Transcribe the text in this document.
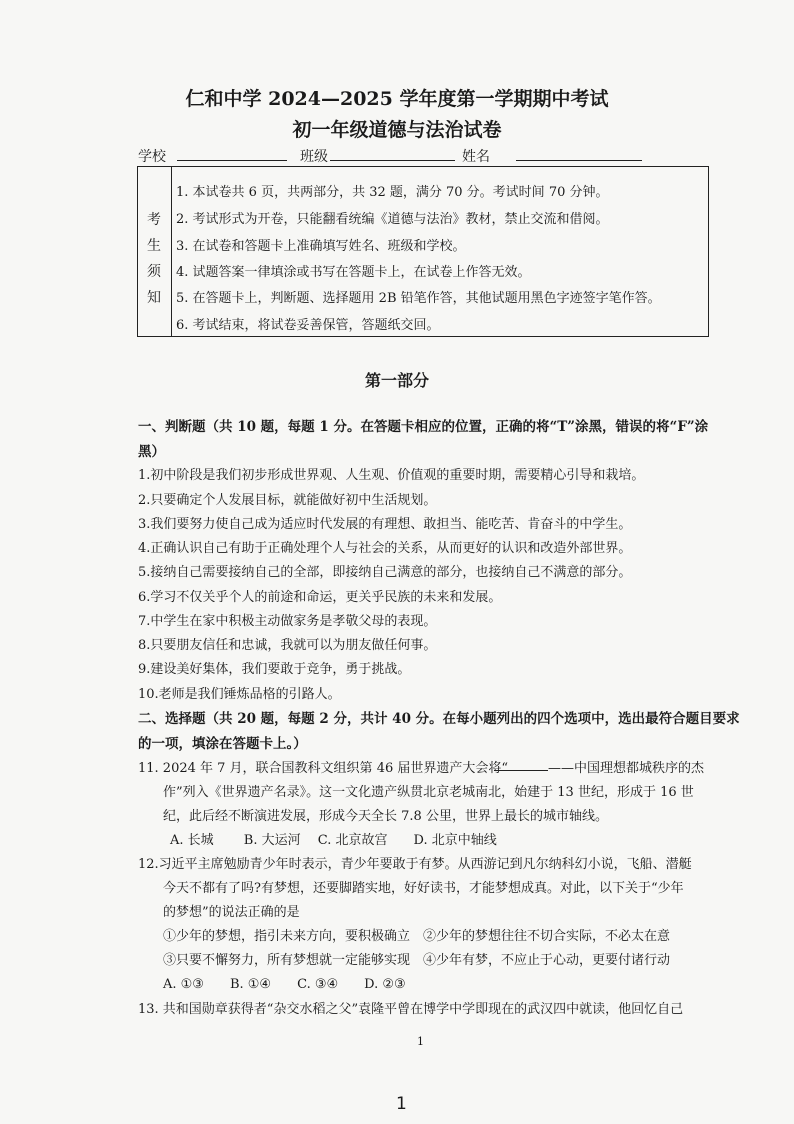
仁和中学 2024—2025 学年度第一学期期中考试
初一年级道德与法治试卷
学校	班级	姓名
考
生
须
知
1. 本试卷共 6 页，共两部分，共 32 题，满分 70 分。考试时间 70 分钟。
2. 考试形式为开卷，只能翻看统编《道德与法治》教材，禁止交流和借阅。
3. 在试卷和答题卡上准确填写姓名、班级和学校。
4. 试题答案一律填涂或书写在答题卡上，在试卷上作答无效。
5. 在答题卡上，判断题、选择题用 2B 铅笔作答，其他试题用黑色字迹签字笔作答。
6. 考试结束，将试卷妥善保管，答题纸交回。
第一部分
一、判断题（共 10 题，每题 1 分。在答题卡相应的位置，正确的将“T”涂黑，错误的将“F”涂
黑）
1.初中阶段是我们初步形成世界观、人生观、价值观的重要时期，需要精心引导和栽培。
2.只要确定个人发展目标，就能做好初中生活规划。
3.我们要努力使自己成为适应时代发展的有理想、敢担当、能吃苦、肯奋斗的中学生。
4.正确认识自己有助于正确处理个人与社会的关系，从而更好的认识和改造外部世界。
5.接纳自己需要接纳自己的全部，即接纳自己满意的部分，也接纳自己不满意的部分。
6.学习不仅关乎个人的前途和命运，更关乎民族的未来和发展。
7.中学生在家中积极主动做家务是孝敬父母的表现。
8.只要朋友信任和忠诚，我就可以为朋友做任何事。
9.建设美好集体，我们要敢于竞争，勇于挑战。
10.老师是我们锤炼品格的引路人。
二、选择题（共 20 题，每题 2 分，共计 40 分。在每小题列出的四个选项中，选出最符合题目要求
的一项，填涂在答题卡上。）
11. 2024 年 7 月，联合国教科文组织第 46 届世界遗产大会将“	——中国理想都城秩序的杰
作”列入《世界遗产名录》。这一文化遗产纵贯北京老城南北，始建于 13 世纪，形成于 16 世
纪，此后经不断演进发展，形成今天全长 7.8 公里，世界上最长的城市轴线。
A. 长城　　 B. 大运河　 C. 北京故宫　　D. 北京中轴线
12.习近平主席勉励青少年时表示，青少年要敢于有梦。从西游记到凡尔纳科幻小说，飞船、潜艇
今天不都有了吗?有梦想，还要脚踏实地，好好读书，才能梦想成真。对此，以下关于“少年
的梦想”的说法正确的是
①少年的梦想，指引未来方向，要积极确立　②少年的梦想往往不切合实际，不必太在意
③只要不懈努力，所有梦想就一定能够实现　④少年有梦，不应止于心动，更要付诸行动
A. ①③　　B. ①④　　C. ③④　　D. ②③
13. 共和国勋章获得者“杂交水稻之父”袁隆平曾在博学中学即现在的武汉四中就读，他回忆自己
1
1
